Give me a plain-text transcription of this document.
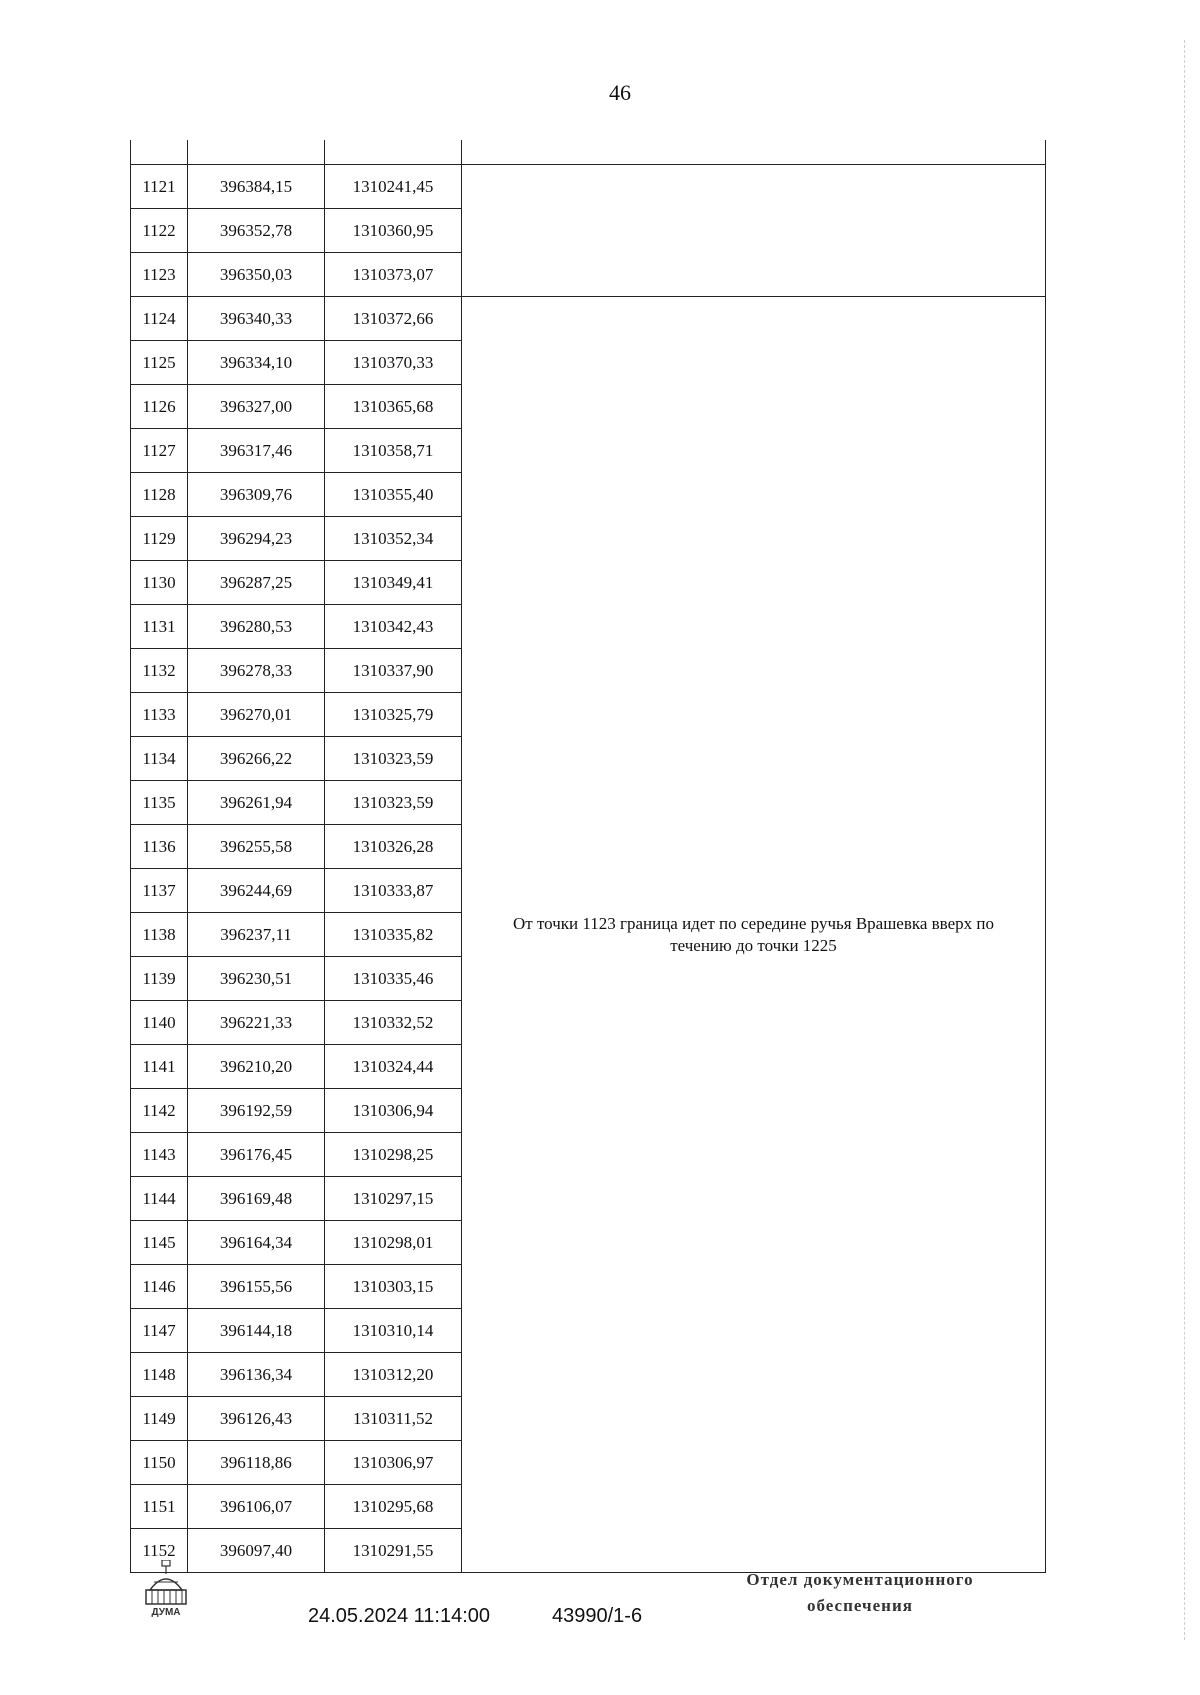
46

1121	396384,15	1310241,45	
1122	396352,78	1310360,95	
1123	396350,03	1310373,07	
1124	396340,33	1310372,66	От точки 1123 граница идет по середине ручья Врашевка вверх по течению до точки 1225
1125	396334,10	1310370,33	
1126	396327,00	1310365,68	
1127	396317,46	1310358,71	
1128	396309,76	1310355,40	
1129	396294,23	1310352,34	
1130	396287,25	1310349,41	
1131	396280,53	1310342,43	
1132	396278,33	1310337,90	
1133	396270,01	1310325,79	
1134	396266,22	1310323,59	
1135	396261,94	1310323,59	
1136	396255,58	1310326,28	
1137	396244,69	1310333,87	
1138	396237,11	1310335,82	
1139	396230,51	1310335,46	
1140	396221,33	1310332,52	
1141	396210,20	1310324,44	
1142	396192,59	1310306,94	
1143	396176,45	1310298,25	
1144	396169,48	1310297,15	
1145	396164,34	1310298,01	
1146	396155,56	1310303,15	
1147	396144,18	1310310,14	
1148	396136,34	1310312,20	
1149	396126,43	1310311,52	
1150	396118,86	1310306,97	
1151	396106,07	1310295,68	
1152	396097,40	1310291,55	
ДУМА	24.05.2024 11:14:00	43990/1-6
Отдел документационного
обеспечения
